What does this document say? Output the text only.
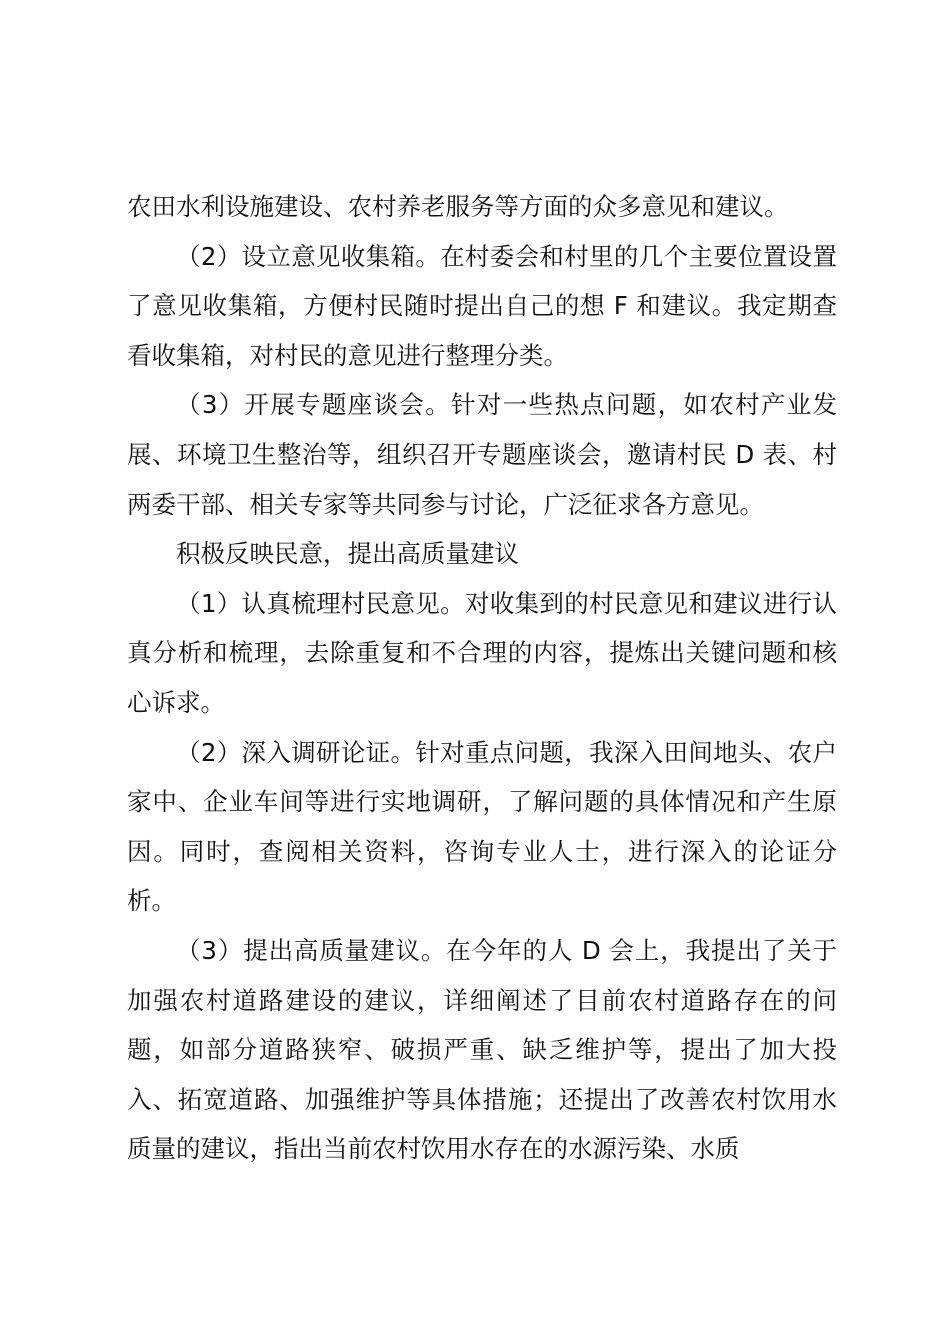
农田水利设施建设、农村养老服务等方面的众多意见和建议。

（2）设立意见收集箱。在村委会和村里的几个主要位置设置了意见收集箱，方便村民随时提出自己的想 F 和建议。我定期查看收集箱，对村民的意见进行整理分类。

（3）开展专题座谈会。针对一些热点问题，如农村产业发展、环境卫生整治等，组织召开专题座谈会，邀请村民 D 表、村两委干部、相关专家等共同参与讨论，广泛征求各方意见。

积极反映民意，提出高质量建议

（1）认真梳理村民意见。对收集到的村民意见和建议进行认真分析和梳理，去除重复和不合理的内容，提炼出关键问题和核心诉求。

（2）深入调研论证。针对重点问题，我深入田间地头、农户家中、企业车间等进行实地调研，了解问题的具体情况和产生原因。同时，查阅相关资料，咨询专业人士，进行深入的论证分析。

（3）提出高质量建议。在今年的人 D 会上，我提出了关于加强农村道路建设的建议，详细阐述了目前农村道路存在的问题，如部分道路狭窄、破损严重、缺乏维护等，提出了加大投入、拓宽道路、加强维护等具体措施；还提出了改善农村饮用水质量的建议，指出当前农村饮用水存在的水源污染、水质
